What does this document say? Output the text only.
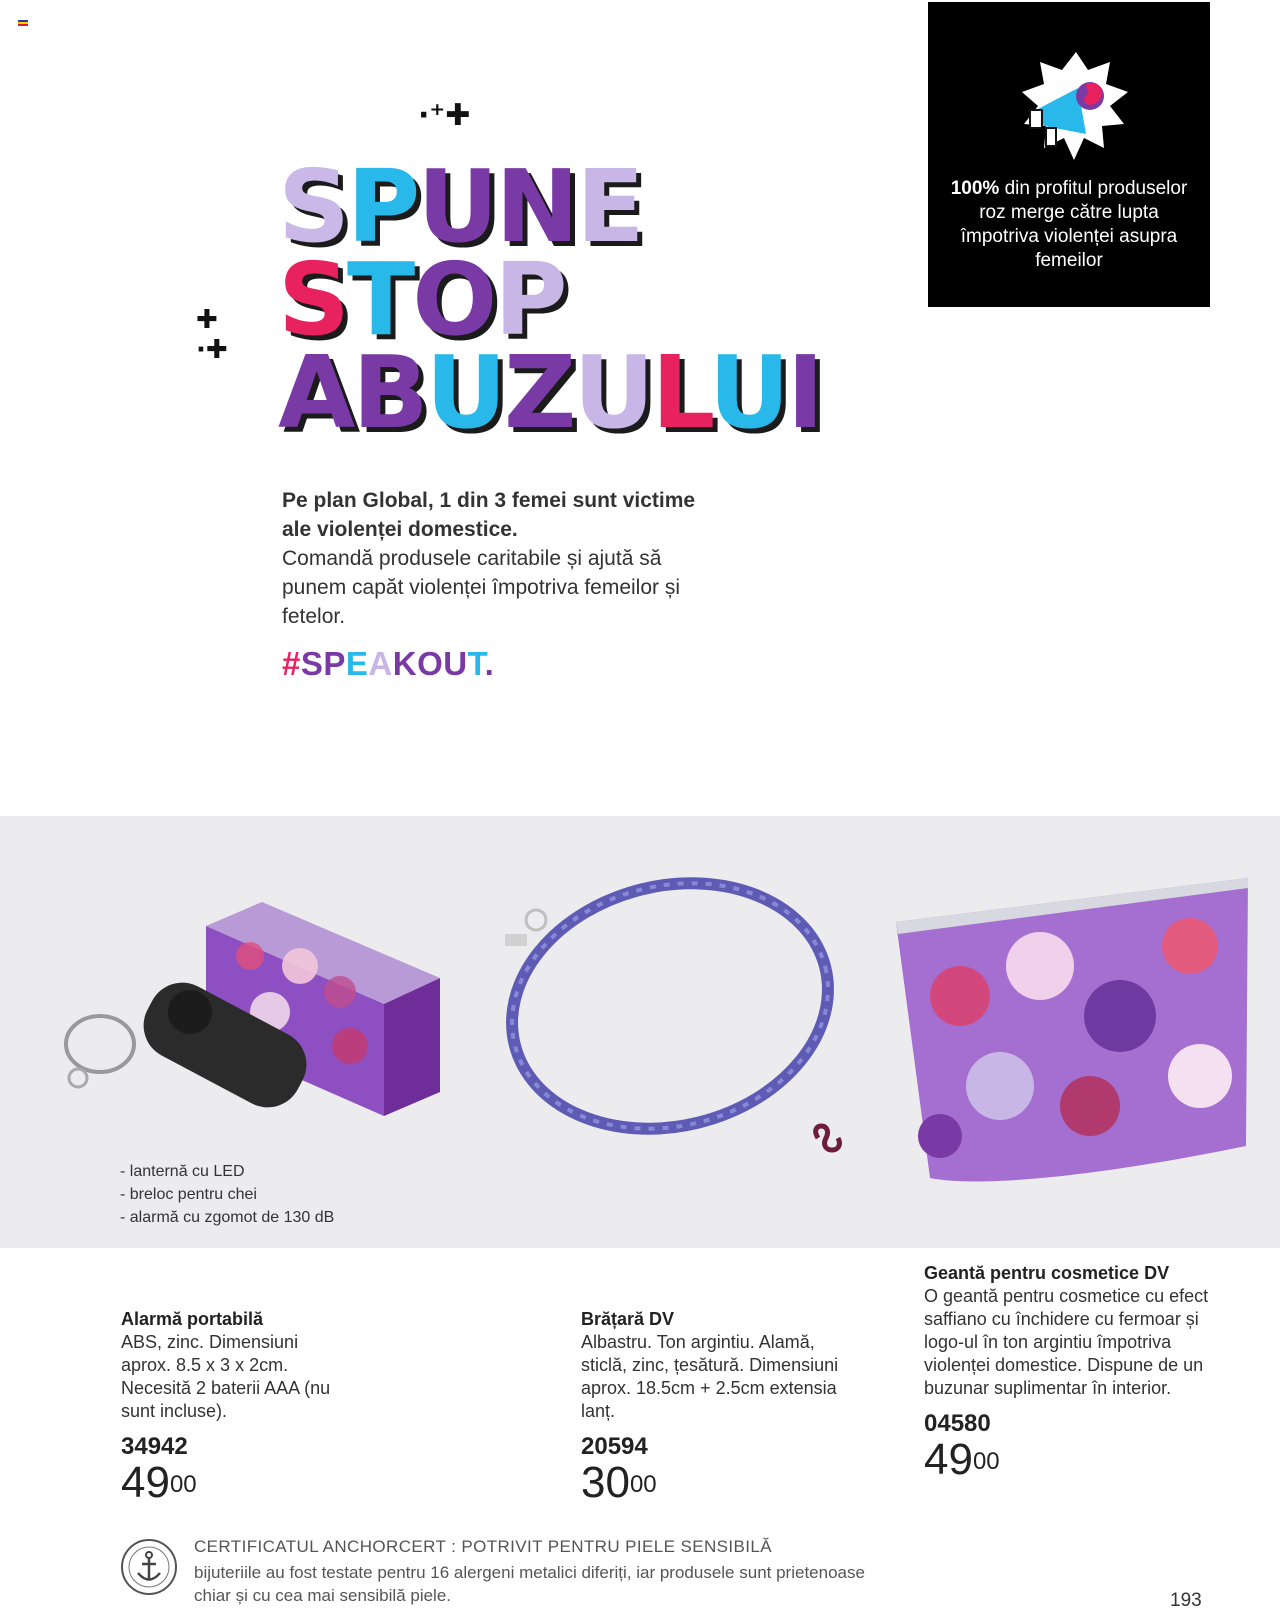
·⁺✚
✚
·✚
SPUNE
STOP
ABUZULUI
Pe plan Global, 1 din 3 femei sunt victime ale violenței domestice.
Comandă produsele caritabile și ajută să punem capăt violenței împotriva femeilor și fetelor.
#SPEAKOUT.
100% din profitul produselor roz merge către lupta împotriva violenței asupra femeilor
- lanternă cu LED
- breloc pentru chei
- alarmă cu zgomot de 130 dB
Alarmă portabilă
ABS, zinc. Dimensiuni aprox. 8.5 x 3 x 2cm. Necesită 2 baterii AAA (nu sunt incluse).
34942
$49^{00}$
Brățară DV
Albastru. Ton argintiu. Alamă, sticlă, zinc, țesătură. Dimensiuni aprox. 18.5cm + 2.5cm extensia lanț.
20594
$30^{00}$
Geantă pentru cosmetice DV
O geantă pentru cosmetice cu efect saffiano cu închidere cu fermoar și logo-ul în ton argintiu împotriva violenței domestice. Dispune de un buzunar suplimentar în interior.
04580
$49^{00}$
CERTIFICATUL ANCHORCERT : POTRIVIT PENTRU PIELE SENSIBILĂ
bijuteriile au fost testate pentru 16 alergeni metalici diferiți, iar produsele sunt prietenoase chiar și cu cea mai sensibilă piele.	193
